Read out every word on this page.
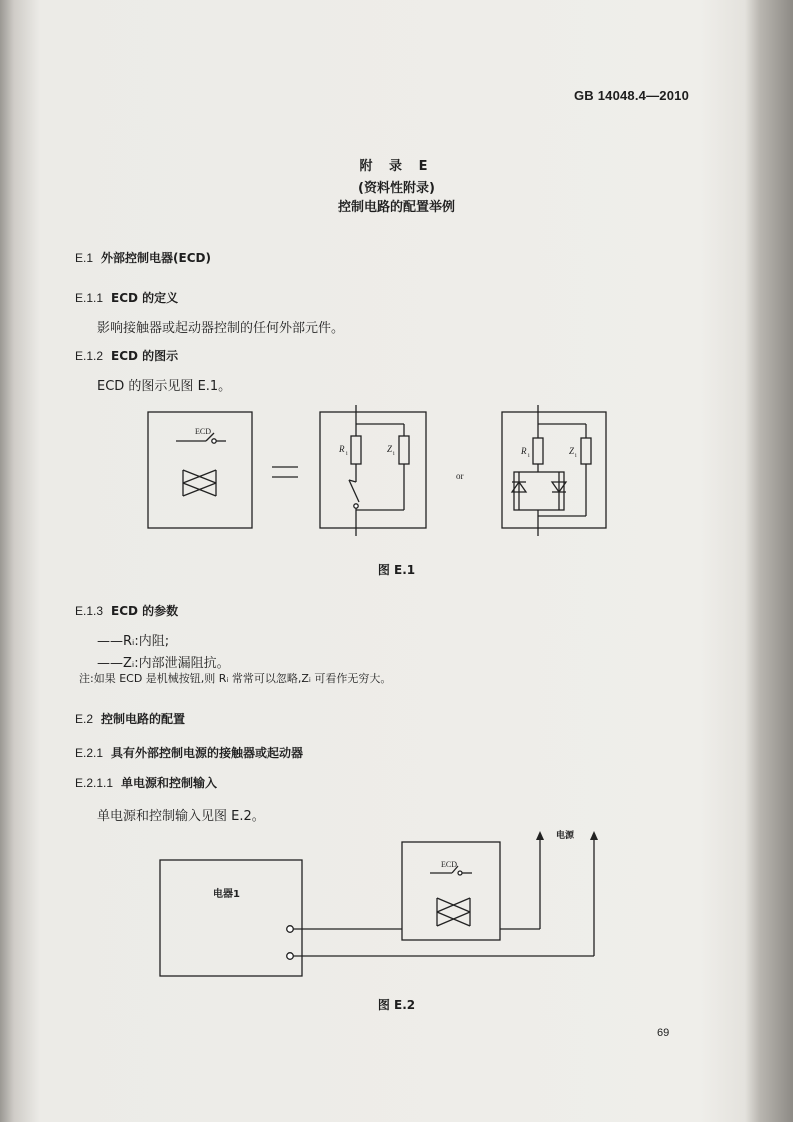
GB 14048.4—2010
附 录 E
(资料性附录)
控制电路的配置举例
E.1 外部控制电器(ECD)
E.1.1 ECD 的定义
影响接触器或起动器控制的任何外部元件。
E.1.2 ECD 的图示
ECD 的图示见图 E.1。
ECD
R i	Z i
or
R i	Z i
图 E.1
E.1.3 ECD 的参数
——Rᵢ:内阻;
——Zᵢ:内部泄漏阻抗。
注:如果 ECD 是机械按钮,则 Rᵢ 常常可以忽略,Zᵢ 可看作无穷大。
E.2 控制电路的配置
E.2.1 具有外部控制电源的接触器或起动器
E.2.1.1 单电源和控制输入
单电源和控制输入见图 E.2。
电器1
ECD
电源
图 E.2
69
